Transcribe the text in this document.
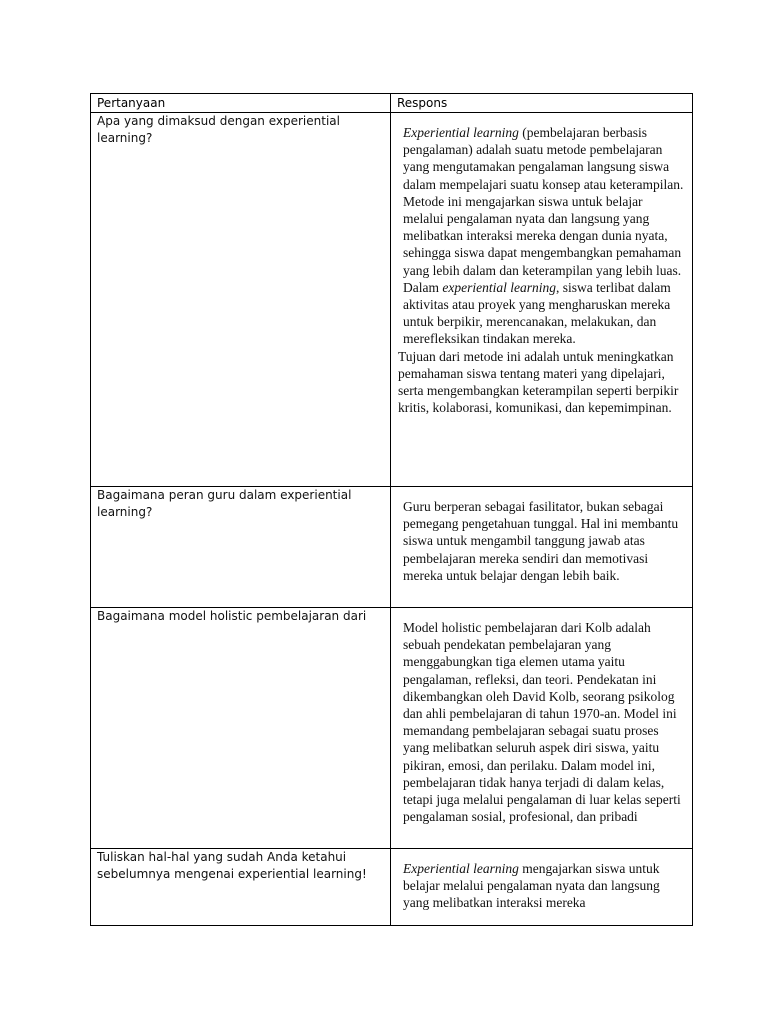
Pertanyaan	Respons
Apa yang dimaksud dengan experiential learning?	Experiential learning (pembelajaran berbasis pengalaman) adalah suatu metode pembelajaran yang mengutamakan pengalaman langsung siswa dalam mempelajari suatu konsep atau keterampilan. Metode ini mengajarkan siswa untuk belajar melalui pengalaman nyata dan langsung yang melibatkan interaksi mereka dengan dunia nyata, sehingga siswa dapat mengembangkan pemahaman yang lebih dalam dan keterampilan yang lebih luas. Dalam experiential learning, siswa terlibat dalam aktivitas atau proyek yang mengharuskan mereka untuk berpikir, merencanakan, melakukan, dan merefleksikan tindakan mereka.

Tujuan dari metode ini adalah untuk meningkatkan pemahaman siswa tentang materi yang dipelajari, serta mengembangkan keterampilan seperti berpikir kritis, kolaborasi, komunikasi, dan kepemimpinan.

Bagaimana peran guru dalam experiential learning?	Guru berperan sebagai fasilitator, bukan sebagai pemegang pengetahuan tunggal. Hal ini membantu siswa untuk mengambil tanggung jawab atas pembelajaran mereka sendiri dan memotivasi mereka untuk belajar dengan lebih baik.

Bagaimana model holistic pembelajaran dari	Model holistic pembelajaran dari Kolb adalah sebuah pendekatan pembelajaran yang menggabungkan tiga elemen utama yaitu pengalaman, refleksi, dan teori. Pendekatan ini dikembangkan oleh David Kolb, seorang psikolog dan ahli pembelajaran di tahun 1970-an. Model ini memandang pembelajaran sebagai suatu proses yang melibatkan seluruh aspek diri siswa, yaitu pikiran, emosi, dan perilaku. Dalam model ini, pembelajaran tidak hanya terjadi di dalam kelas, tetapi juga melalui pengalaman di luar kelas seperti pengalaman sosial, profesional, dan pribadi

Tuliskan hal-hal yang sudah Anda ketahui sebelumnya mengenai experiential learning!	Experiential learning mengajarkan siswa untuk belajar melalui pengalaman nyata dan langsung yang melibatkan interaksi mereka
